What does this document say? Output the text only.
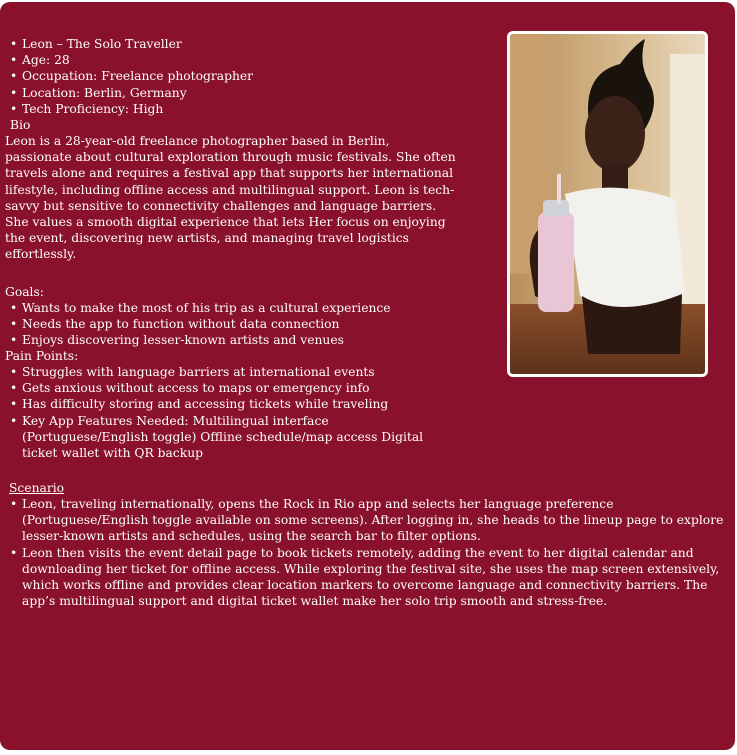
• Leon – The Solo Traveller
• Age: 28
• Occupation: Freelance photographer
• Location: Berlin, Germany
• Tech Proficiency: High
Bio
Leon is a 28-year-old freelance photographer based in Berlin, passionate about cultural exploration through music festivals. She often travels alone and requires a festival app that supports her international lifestyle, including offline access and multilingual support. Leon is tech-savvy but sensitive to connectivity challenges and language barriers. She values a smooth digital experience that lets Her focus on enjoying the event, discovering new artists, and managing travel logistics effortlessly.
Goals:
• Wants to make the most of his trip as a cultural experience
• Needs the app to function without data connection
• Enjoys discovering lesser-known artists and venues
Pain Points:
• Struggles with language barriers at international events
• Gets anxious without access to maps or emergency info
• Has difficulty storing and accessing tickets while traveling
• Key App Features Needed: Multilingual interface (Portuguese/English toggle) Offline schedule/map access Digital ticket wallet with QR backup
Scenario
• Leon, traveling internationally, opens the Rock in Rio app and selects her language preference (Portuguese/English toggle available on some screens). After logging in, she heads to the lineup page to explore lesser-known artists and schedules, using the search bar to filter options.
• Leon then visits the event detail page to book tickets remotely, adding the event to her digital calendar and downloading her ticket for offline access. While exploring the festival site, she uses the map screen extensively, which works offline and provides clear location markers to overcome language and connectivity barriers. The app’s multilingual support and digital ticket wallet make her solo trip smooth and stress-free.
